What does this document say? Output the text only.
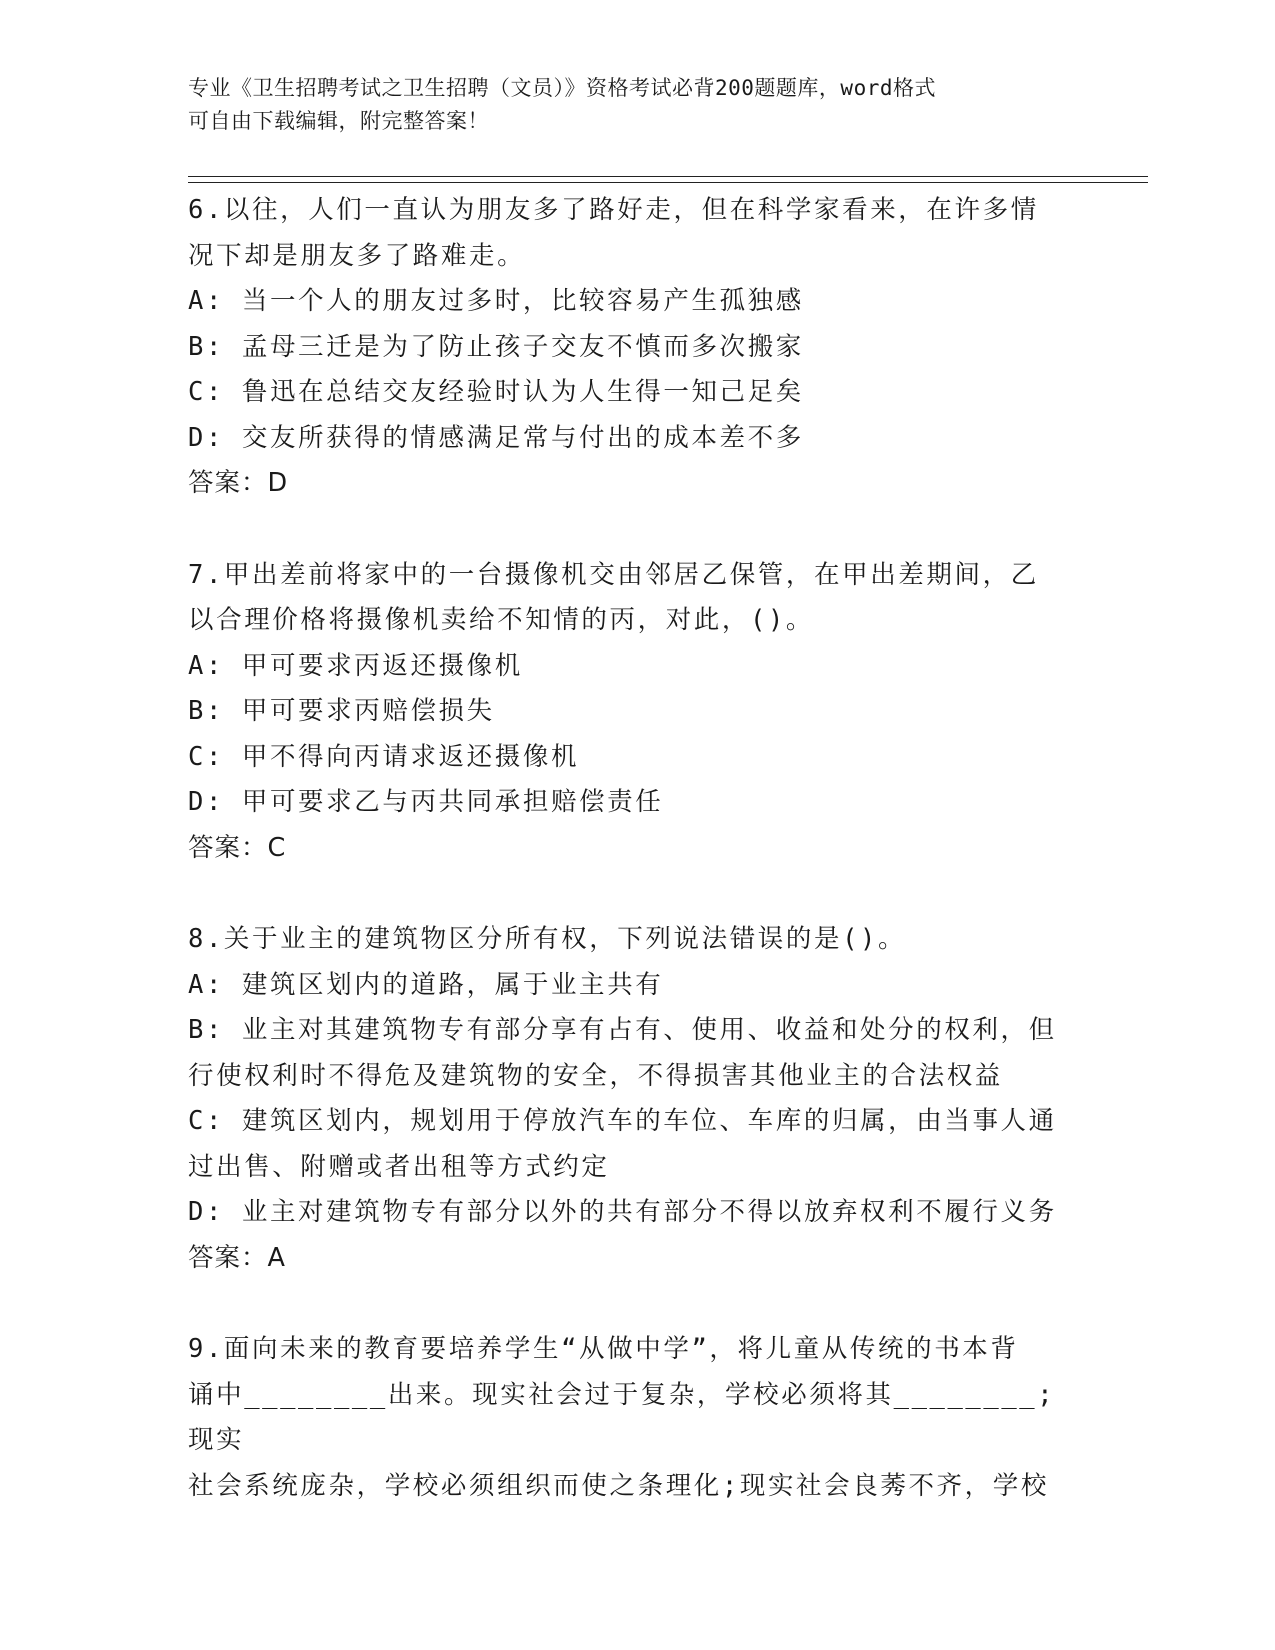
专业《卫生招聘考试之卫生招聘（文员）》资格考试必背200题题库，word格式
可自由下载编辑，附完整答案！
6.以往，人们一直认为朋友多了路好走，但在科学家看来，在许多情
况下却是朋友多了路难走。
A: 当一个人的朋友过多时，比较容易产生孤独感
B: 孟母三迁是为了防止孩子交友不慎而多次搬家
C: 鲁迅在总结交友经验时认为人生得一知己足矣
D: 交友所获得的情感满足常与付出的成本差不多
答案：D
7.甲出差前将家中的一台摄像机交由邻居乙保管，在甲出差期间，乙
以合理价格将摄像机卖给不知情的丙，对此，()。
A: 甲可要求丙返还摄像机
B: 甲可要求丙赔偿损失
C: 甲不得向丙请求返还摄像机
D: 甲可要求乙与丙共同承担赔偿责任
答案：C
8.关于业主的建筑物区分所有权，下列说法错误的是()。
A: 建筑区划内的道路，属于业主共有
B: 业主对其建筑物专有部分享有占有、使用、收益和处分的权利，但
行使权利时不得危及建筑物的安全，不得损害其他业主的合法权益
C: 建筑区划内，规划用于停放汽车的车位、车库的归属，由当事人通
过出售、附赠或者出租等方式约定
D: 业主对建筑物专有部分以外的共有部分不得以放弃权利不履行义务
答案：A
9.面向未来的教育要培养学生“从做中学”，将儿童从传统的书本背
诵中________出来。现实社会过于复杂，学校必须将其________;现实
社会系统庞杂，学校必须组织而使之条理化;现实社会良莠不齐，学校
